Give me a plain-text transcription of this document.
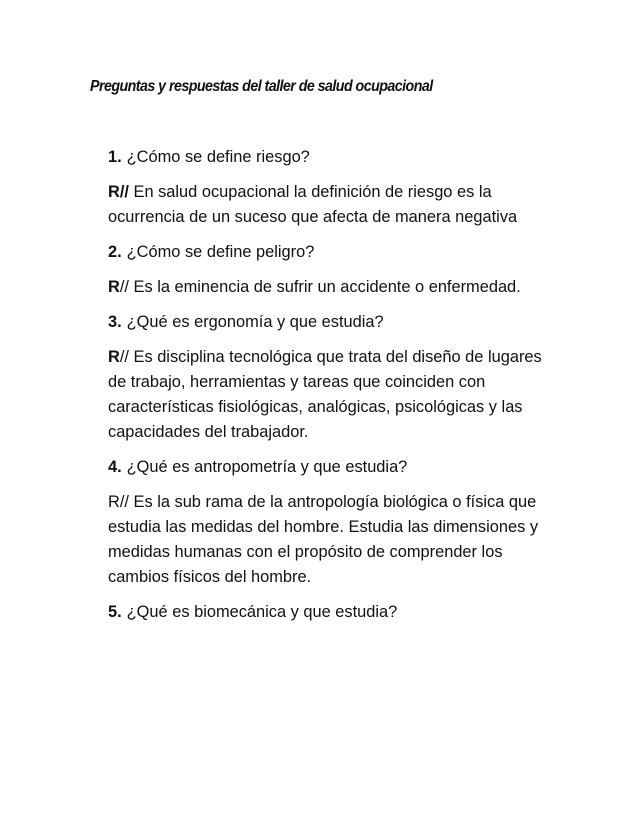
Preguntas y respuestas del taller de salud ocupacional

1. ¿Cómo se define riesgo?

R// En salud ocupacional la definición de riesgo es la ocurrencia de un suceso que afecta de manera negativa

2. ¿Cómo se define peligro?

R// Es la eminencia de sufrir un accidente o enfermedad.

3. ¿Qué es ergonomía y que estudia?

R// Es disciplina tecnológica que trata del diseño de lugares de trabajo, herramientas y tareas que coinciden con características fisiológicas, analógicas, psicológicas y las capacidades del trabajador.

4. ¿Qué es antropometría y que estudia?

R// Es la sub rama de la antropología biológica o física que estudia las medidas del hombre. Estudia las dimensiones y medidas humanas con el propósito de comprender los cambios físicos del hombre.

5. ¿Qué es biomecánica y que estudia?
